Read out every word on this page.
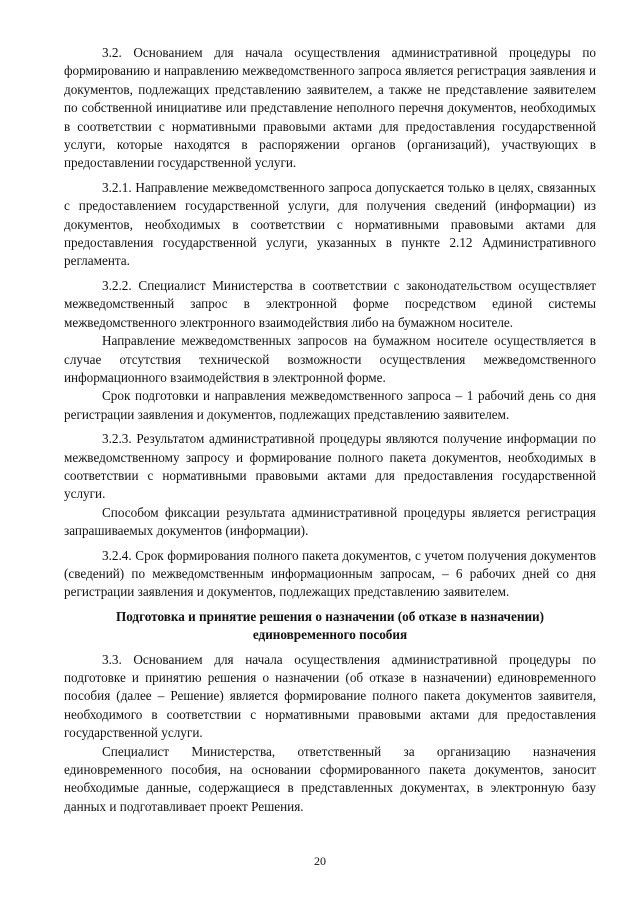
3.2. Основанием для начала осуществления административной процедуры по формированию и направлению межведомственного запроса является регистрация заявления и документов, подлежащих представлению заявителем, а также не представление заявителем по собственной инициативе или представление неполного перечня документов, необходимых в соответствии с нормативными правовыми актами для предоставления государственной услуги, которые находятся в распоряжении органов (организаций), участвующих в предоставлении государственной услуги.

3.2.1. Направление межведомственного запроса допускается только в целях, связанных с предоставлением государственной услуги, для получения сведений (информации) из документов, необходимых в соответствии с нормативными правовыми актами для предоставления государственной услуги, указанных в пункте 2.12 Административного регламента.

3.2.2. Специалист Министерства в соответствии с законодательством осуществляет межведомственный запрос в электронной форме посредством единой системы межведомственного электронного взаимодействия либо на бумажном носителе.

Направление межведомственных запросов на бумажном носителе осуществляется в случае отсутствия технической возможности осуществления межведомственного информационного взаимодействия в электронной форме.

Срок подготовки и направления межведомственного запроса – 1 рабочий день со дня регистрации заявления и документов, подлежащих представлению заявителем.

3.2.3. Результатом административной процедуры являются получение информации по межведомственному запросу и формирование полного пакета документов, необходимых в соответствии с нормативными правовыми актами для предоставления государственной услуги.

Способом фиксации результата административной процедуры является регистрация запрашиваемых документов (информации).

3.2.4. Срок формирования полного пакета документов, с учетом получения документов (сведений) по межведомственным информационным запросам, – 6 рабочих дней со дня регистрации заявления и документов, подлежащих представлению заявителем.

Подготовка и принятие решения о назначении (об отказе в назначении)
единовременного пособия

3.3. Основанием для начала осуществления административной процедуры по подготовке и принятию решения о назначении (об отказе в назначении) единовременного пособия (далее – Решение) является формирование полного пакета документов заявителя, необходимого в соответствии с нормативными правовыми актами для предоставления государственной услуги.

Специалист Министерства, ответственный за организацию назначения единовременного пособия, на основании сформированного пакета документов, заносит необходимые данные, содержащиеся в представленных документах, в электронную базу данных и подготавливает проект Решения.

20
